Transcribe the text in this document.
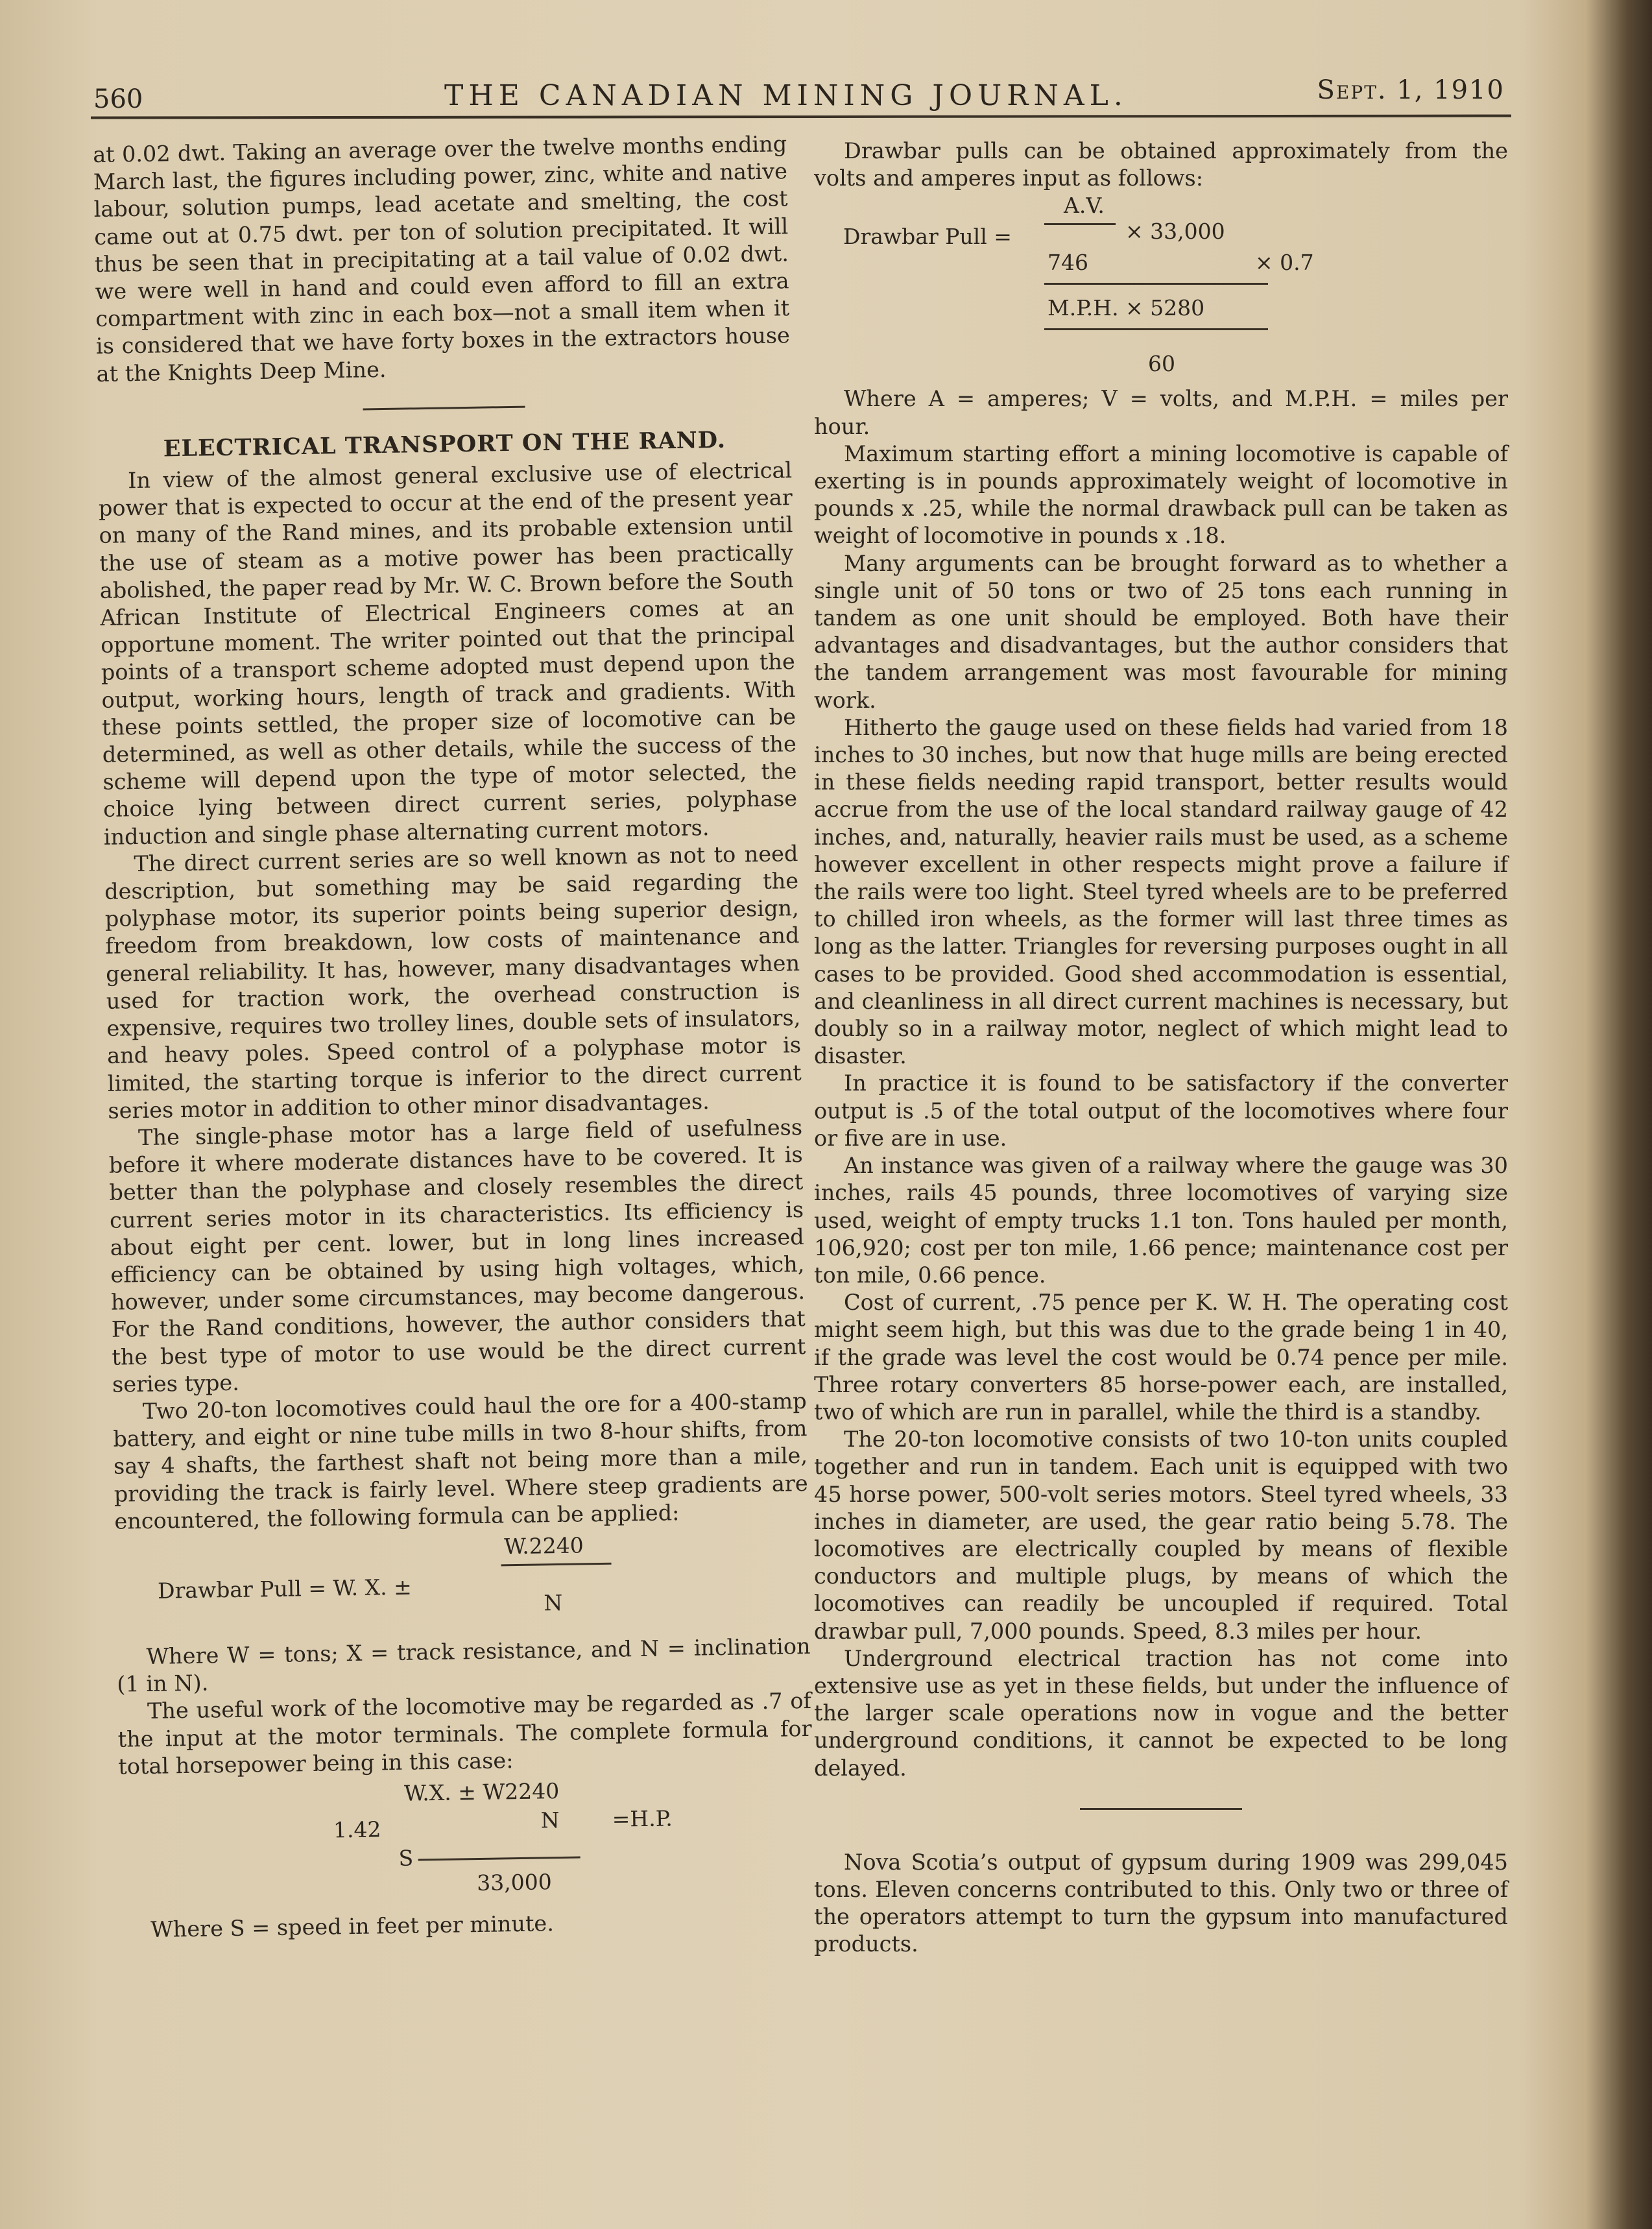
560	THE CANADIAN MINING JOURNAL.	Sept. 1, 1910

at 0.02 dwt. Taking an average over the twelve months ending March last, the figures including power, zinc, white and native labour, solution pumps, lead acetate and smelting, the cost came out at 0.75 dwt. per ton of solution precipitated. It will thus be seen that in precipitating at a tail value of 0.02 dwt. we were well in hand and could even afford to fill an extra compartment with zinc in each box—not a small item when it is considered that we have forty boxes in the extractors house at the Knights Deep Mine.

ELECTRICAL TRANSPORT ON THE RAND.

In view of the almost general exclusive use of electrical power that is expected to occur at the end of the present year on many of the Rand mines, and its probable extension until the use of steam as a motive power has been practically abolished, the paper read by Mr. W. C. Brown before the South African Institute of Electrical Engineers comes at an opportune moment. The writer pointed out that the principal points of a transport scheme adopted must depend upon the output, working hours, length of track and gradients. With these points settled, the proper size of locomotive can be determined, as well as other details, while the success of the scheme will depend upon the type of motor selected, the choice lying between direct current series, polyphase induction and single phase alternating current motors.

The direct current series are so well known as not to need description, but something may be said regarding the polyphase motor, its superior points being superior design, freedom from breakdown, low costs of maintenance and general reliability. It has, however, many disadvantages when used for traction work, the overhead construction is expensive, requires two trolley lines, double sets of insulators, and heavy poles. Speed control of a polyphase motor is limited, the starting torque is inferior to the direct current series motor in addition to other minor disadvantages.

The single-phase motor has a large field of usefulness before it where moderate distances have to be covered. It is better than the polyphase and closely resembles the direct current series motor in its characteristics. Its efficiency is about eight per cent. lower, but in long lines increased efficiency can be obtained by using high voltages, which, however, under some circumstances, may become dangerous. For the Rand conditions, however, the author considers that the best type of motor to use would be the direct current series type.

Two 20-ton locomotives could haul the ore for a 400-stamp battery, and eight or nine tube mills in two 8-hour shifts, from say 4 shafts, the farthest shaft not being more than a mile, providing the track is fairly level. Where steep gradients are encountered, the following formula can be applied:

Drawbar Pull = W. X. ±
W.2240
N

Where W = tons; X = track resistance, and N = inclination (1 in N).

The useful work of the locomotive may be regarded as .7 of the input at the motor terminals. The complete formula for total horsepower being in this case:

W.X. ± W2240
1.42	N =H.P.
S
33,000

Where S = speed in feet per minute.

Drawbar pulls can be obtained approximately from the volts and amperes input as follows:

A.V.
Drawbar Pull =	× 33,000
746	× 0.7
M.P.H. × 5280
60

Where A = amperes; V = volts, and M.P.H. = miles per hour.

Maximum starting effort a mining locomotive is capable of exerting is in pounds approximately weight of locomotive in pounds x .25, while the normal drawback pull can be taken as weight of locomotive in pounds x .18.

Many arguments can be brought forward as to whether a single unit of 50 tons or two of 25 tons each running in tandem as one unit should be employed. Both have their advantages and disadvantages, but the author considers that the tandem arrangement was most favourable for mining work.

Hitherto the gauge used on these fields had varied from 18 inches to 30 inches, but now that huge mills are being erected in these fields needing rapid transport, better results would accrue from the use of the local standard railway gauge of 42 inches, and, naturally, heavier rails must be used, as a scheme however excellent in other respects might prove a failure if the rails were too light. Steel tyred wheels are to be preferred to chilled iron wheels, as the former will last three times as long as the latter. Triangles for reversing purposes ought in all cases to be provided. Good shed accommodation is essential, and cleanliness in all direct current machines is necessary, but doubly so in a railway motor, neglect of which might lead to disaster.

In practice it is found to be satisfactory if the converter output is .5 of the total output of the locomotives where four or five are in use.

An instance was given of a railway where the gauge was 30 inches, rails 45 pounds, three locomotives of varying size used, weight of empty trucks 1.1 ton. Tons hauled per month, 106,920; cost per ton mile, 1.66 pence; maintenance cost per ton mile, 0.66 pence.

Cost of current, .75 pence per K. W. H. The operating cost might seem high, but this was due to the grade being 1 in 40, if the grade was level the cost would be 0.74 pence per mile. Three rotary converters 85 horse-power each, are installed, two of which are run in parallel, while the third is a standby.

The 20-ton locomotive consists of two 10-ton units coupled together and run in tandem. Each unit is equipped with two 45 horse power, 500-volt series motors. Steel tyred wheels, 33 inches in diameter, are used, the gear ratio being 5.78. The locomotives are electrically coupled by means of flexible conductors and multiple plugs, by means of which the locomotives can readily be uncoupled if required. Total drawbar pull, 7,000 pounds. Speed, 8.3 miles per hour.

Underground electrical traction has not come into extensive use as yet in these fields, but under the influence of the larger scale operations now in vogue and the better underground conditions, it cannot be expected to be long delayed.

Nova Scotia’s output of gypsum during 1909 was 299,045 tons. Eleven concerns contributed to this. Only two or three of the operators attempt to turn the gypsum into manufactured products.
